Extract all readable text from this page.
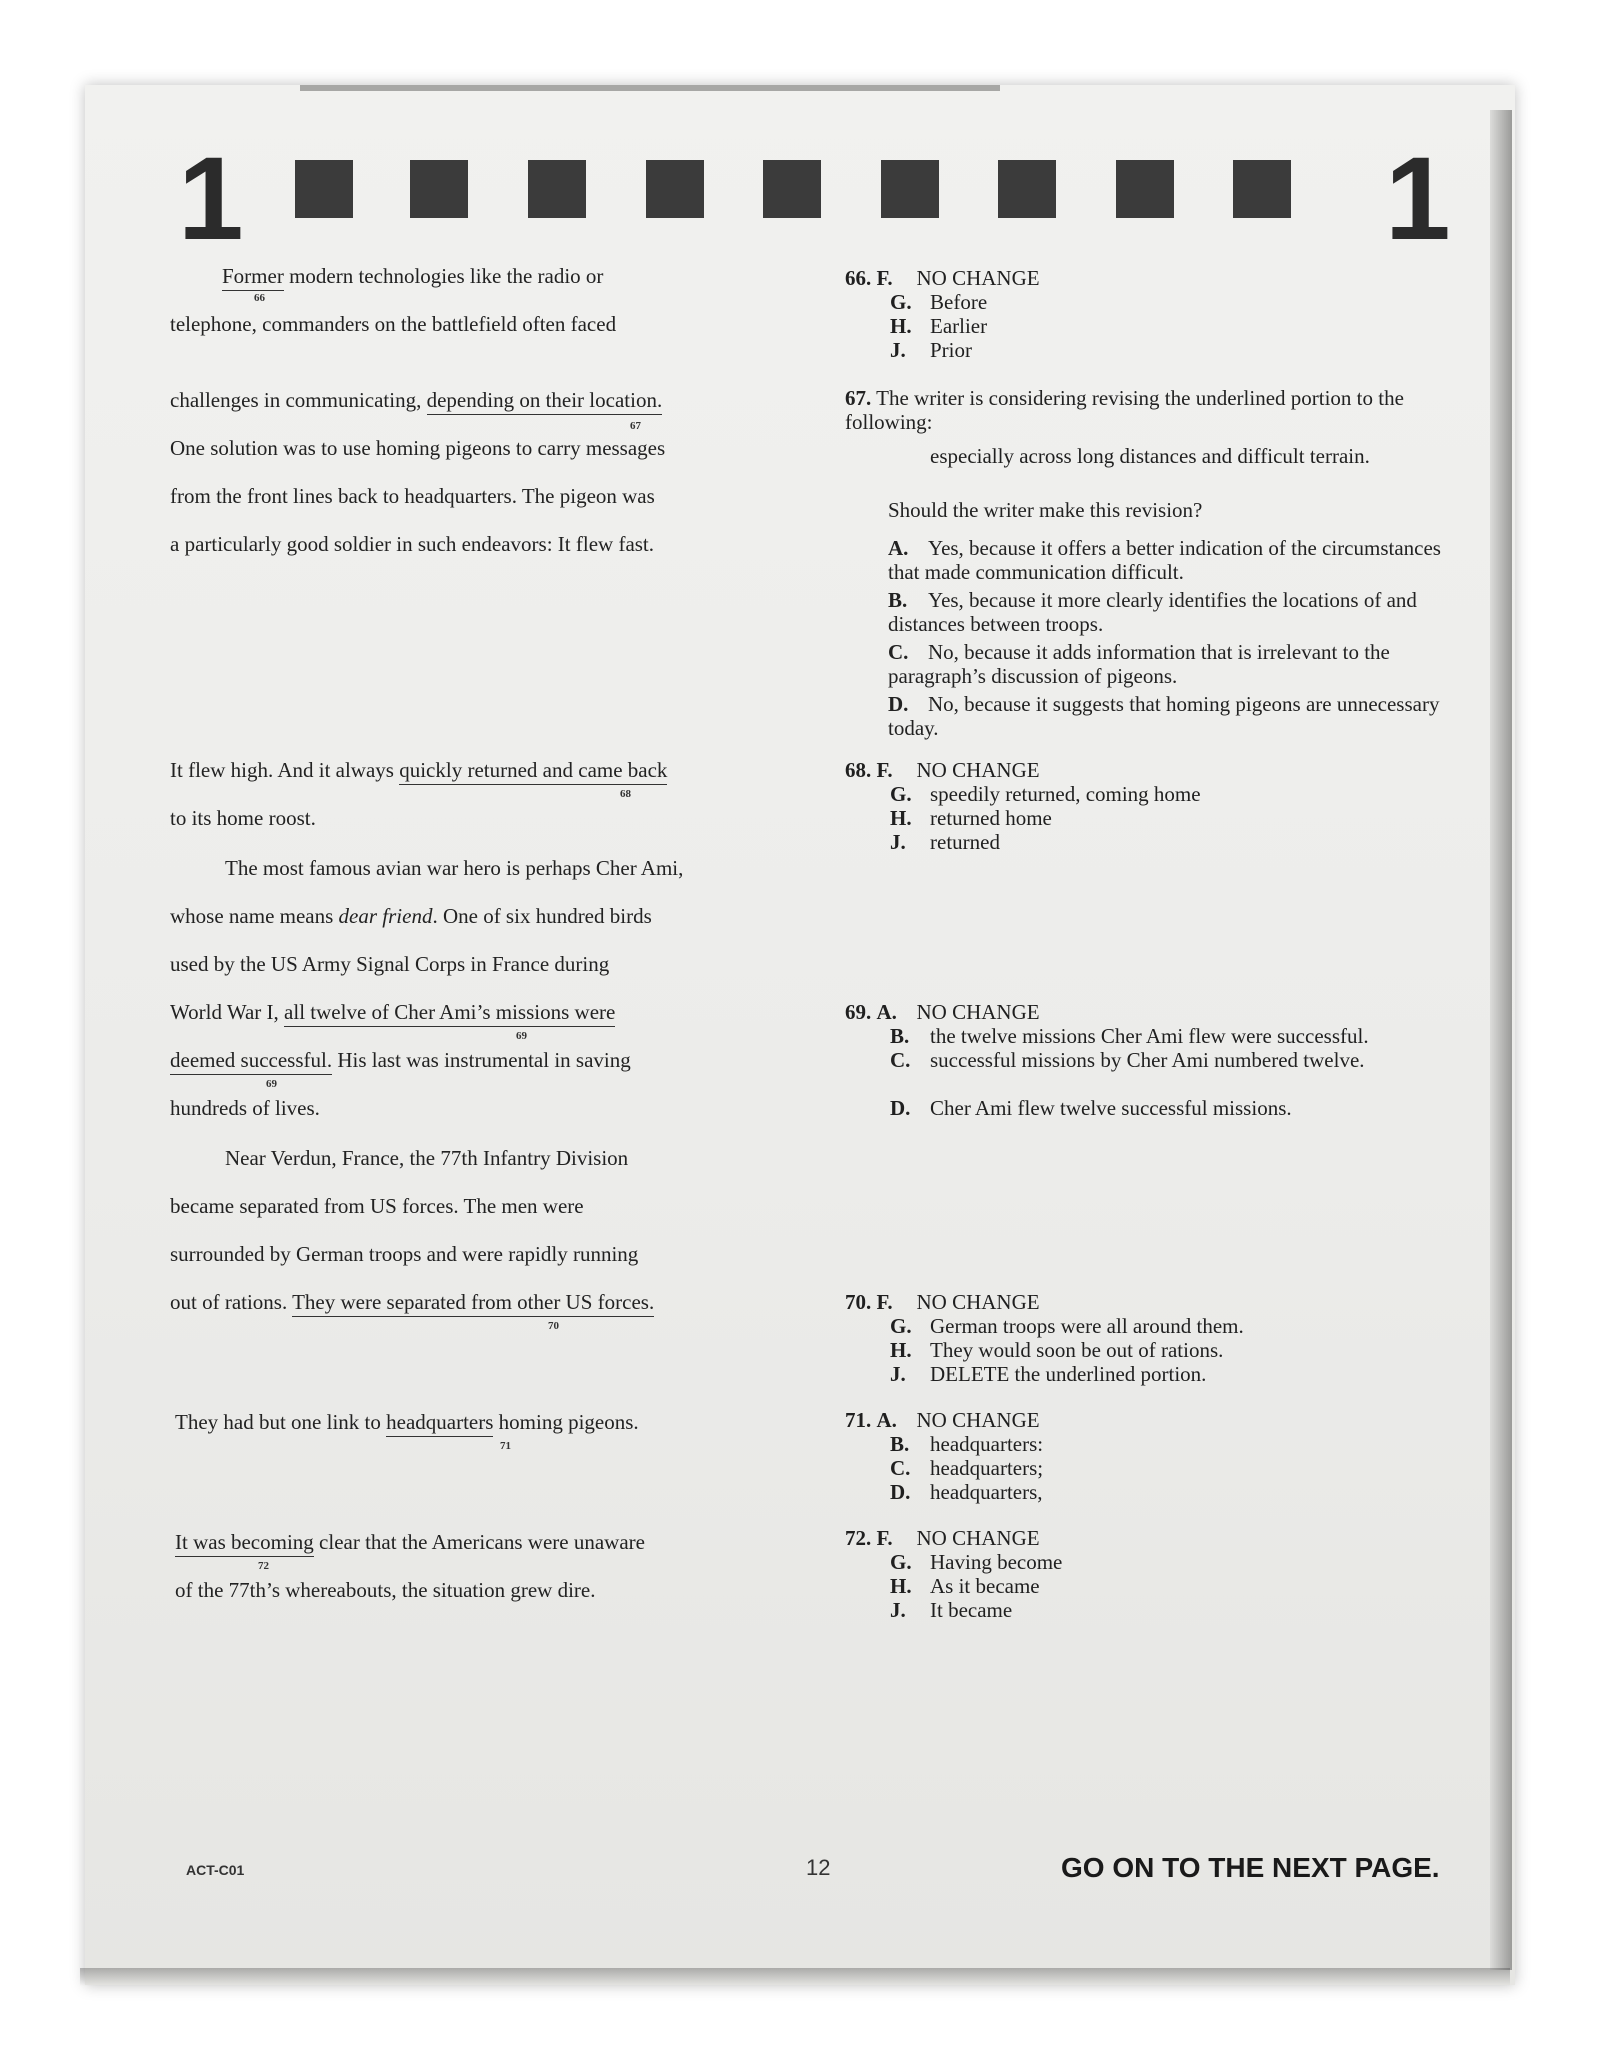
1	1
Former modern technologies like the radio or
66
telephone, commanders on the battlefield often faced
challenges in communicating, depending on their location.
67
One solution was to use homing pigeons to carry messages
from the front lines back to headquarters. The pigeon was
a particularly good soldier in such endeavors: It flew fast.
It flew high. And it always quickly returned and came back
68
to its home roost.
The most famous avian war hero is perhaps Cher Ami,
whose name means dear friend. One of six hundred birds
used by the US Army Signal Corps in France during
World War I, all twelve of Cher Ami’s missions were
69
deemed successful. His last was instrumental in saving
69
hundreds of lives.
Near Verdun, France, the 77th Infantry Division
became separated from US forces. The men were
surrounded by German troops and were rapidly running
out of rations. They were separated from other US forces.
70
They had but one link to headquarters homing pigeons.
71
It was becoming clear that the Americans were unaware
72
of the 77th’s whereabouts, the situation grew dire.
66. F. NO CHANGE
G. Before
H. Earlier
J. Prior
67. The writer is considering revising the underlined portion to the following:
especially across long distances and difficult terrain.
Should the writer make this revision?
A. Yes, because it offers a better indication of the circumstances that made communication difficult.
B. Yes, because it more clearly identifies the locations of and distances between troops.
C. No, because it adds information that is irrelevant to the paragraph’s discussion of pigeons.
D. No, because it suggests that homing pigeons are unnecessary today.
68. F. NO CHANGE
G. speedily returned, coming home
H. returned home
J. returned
69. A. NO CHANGE
B. the twelve missions Cher Ami flew were successful.
C. successful missions by Cher Ami numbered twelve.
D. Cher Ami flew twelve successful missions.
70. F. NO CHANGE
G. German troops were all around them.
H. They would soon be out of rations.
J. DELETE the underlined portion.
71. A. NO CHANGE
B. headquarters:
C. headquarters;
D. headquarters,
72. F. NO CHANGE
G. Having become
H. As it became
J. It became
ACT-C01	12	GO ON TO THE NEXT PAGE.
